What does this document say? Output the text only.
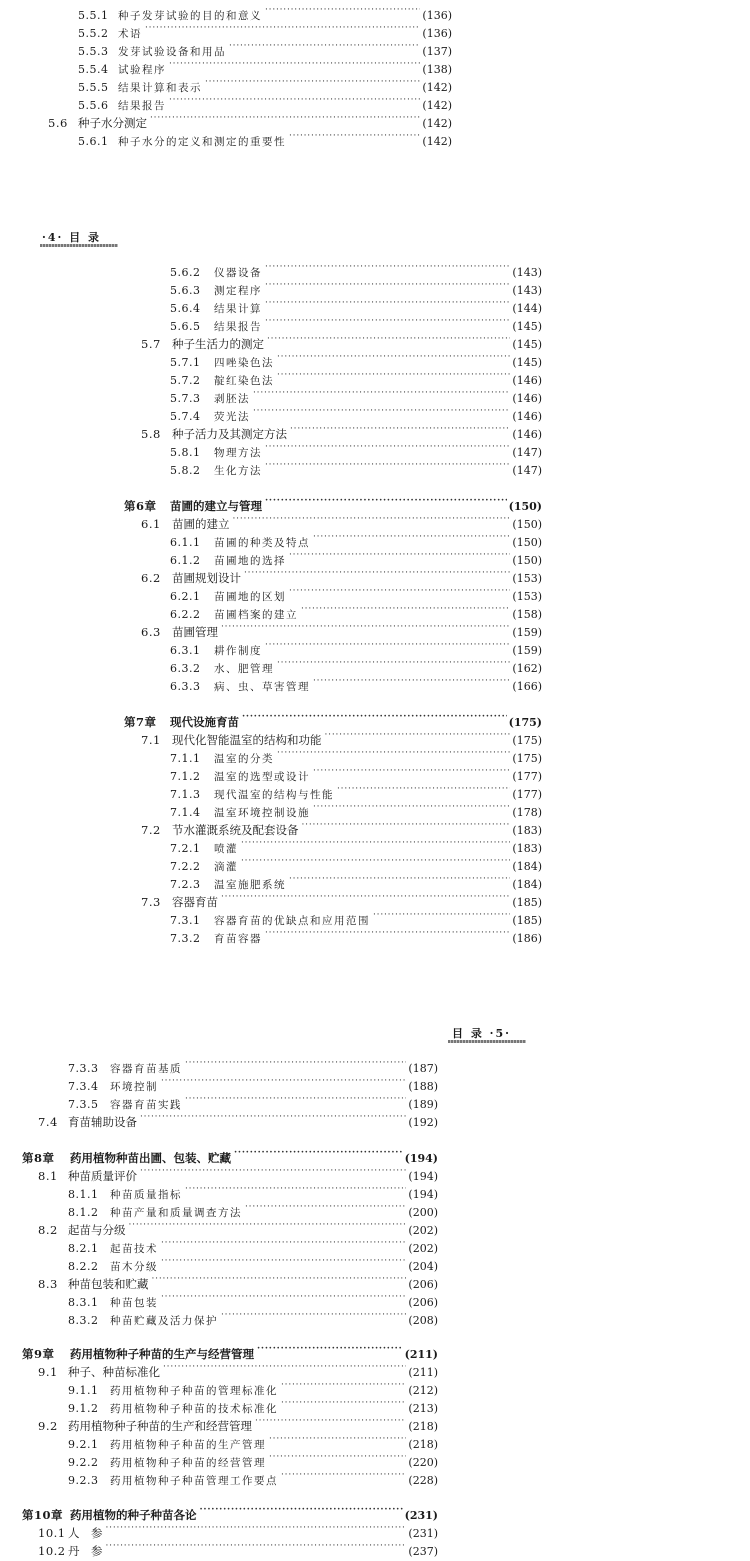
5.5.1 种子发芽试验的目的和意义 ·····	(136)
5.5.2 术语 ·····	(136)
5.5.3 发芽试验设备和用品 ·····	(137)
5.5.4 试验程序 ·····	(138)
5.5.5 结果计算和表示 ·····	(142)
5.5.6 结果报告 ·····	(142)
5.6 种子水分测定 ·····	(142)
5.6.1 种子水分的定义和测定的重要性 ·····	(142)
·4· 目 录
5.6.2	仪器设备 ·····	(143)
5.6.3	测定程序 ·····	(143)
5.6.4	结果计算 ·····	(144)
5.6.5	结果报告 ·····	(145)
5.7 种子生活力的测定 ·····	(145)
5.7.1	四唑染色法 ·····	(145)
5.7.2	靛红染色法 ·····	(146)
5.7.3	剥胚法 ·····	(146)
5.7.4	荧光法 ·····	(146)
5.8 种子活力及其测定方法 ·····	(146)
5.8.1	物理方法 ·····	(147)
5.8.2	生化方法 ·····	(147)
第6章	苗圃的建立与管理 ·····	(150)
6.1 苗圃的建立 ·····	(150)
6.1.1	苗圃的种类及特点 ·····	(150)
6.1.2	苗圃地的选择 ·····	(150)
6.2 苗圃规划设计 ·····	(153)
6.2.1	苗圃地的区划 ·····	(153)
6.2.2	苗圃档案的建立 ·····	(158)
6.3 苗圃管理 ·····	(159)
6.3.1	耕作制度 ·····	(159)
6.3.2	水、肥管理 ·····	(162)
6.3.3	病、虫、草害管理 ·····	(166)
第7章	现代设施育苗 ·····	(175)
7.1 现代化智能温室的结构和功能 ·····	(175)
7.1.1	温室的分类 ·····	(175)
7.1.2	温室的选型或设计 ·····	(177)
7.1.3	现代温室的结构与性能 ·····	(177)
7.1.4	温室环境控制设施 ·····	(178)
7.2 节水灌溉系统及配套设备 ·····	(183)
7.2.1	喷灌 ·····	(183)
7.2.2	滴灌 ·····	(184)
7.2.3	温室施肥系统 ·····	(184)
7.3 容器育苗 ·····	(185)
7.3.1	容器育苗的优缺点和应用范围 ·····	(185)
7.3.2	育苗容器 ·····	(186)
目 录 ·5·
7.3.3	容器育苗基质 ·····	(187)
7.3.4	环境控制 ·····	(188)
7.3.5	容器育苗实践 ·····	(189)
7.4 育苗辅助设备 ·····	(192)
第8章	药用植物种苗出圃、包装、贮藏 ·····	(194)
8.1 种苗质量评价 ·····	(194)
8.1.1	种苗质量指标 ·····	(194)
8.1.2	种苗产量和质量调查方法 ·····	(200)
8.2 起苗与分级 ·····	(202)
8.2.1	起苗技术 ·····	(202)
8.2.2	苗木分级 ·····	(204)
8.3 种苗包装和贮藏 ·····	(206)
8.3.1	种苗包装 ·····	(206)
8.3.2	种苗贮藏及活力保护 ·····	(208)
第9章	药用植物种子种苗的生产与经营管理 ·····	(211)
9.1 种子、种苗标准化 ·····	(211)
9.1.1	药用植物种子种苗的管理标准化 ·····	(212)
9.1.2	药用植物种子种苗的技术标准化 ·····	(213)
9.2 药用植物种子种苗的生产和经营管理 ·····	(218)
9.2.1	药用植物种子种苗的生产管理 ·····	(218)
9.2.2	药用植物种子种苗的经营管理 ·····	(220)
9.2.3	药用植物种子种苗管理工作要点 ·····	(228)
第10章 药用植物的种子种苗各论 ·····	(231)
10.1 人　参 ·····	(231)
10.2 丹　参 ·····	(237)
